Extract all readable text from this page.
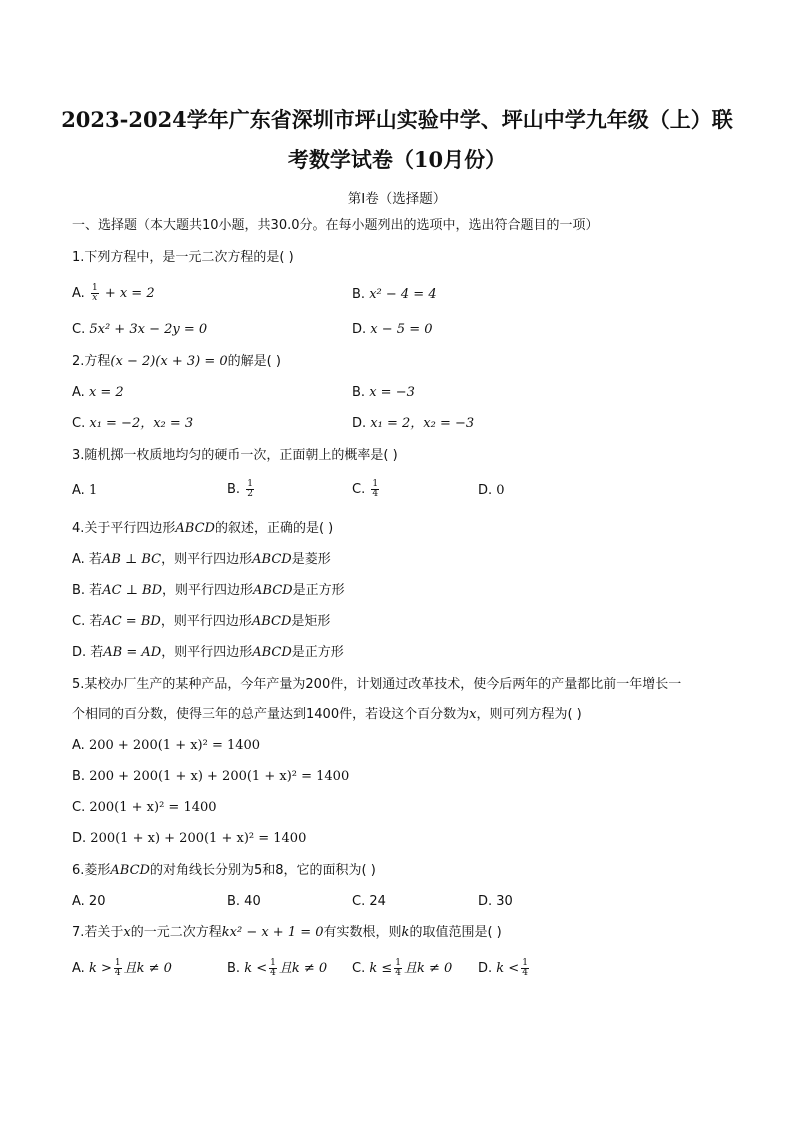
2023-2024学年广东省深圳市坪山实验中学、坪山中学九年级（上）联
考数学试卷（10月份）
第I卷（选择题）
一、选择题（本大题共10小题，共30.0分。在每小题列出的选项中，选出符合题目的一项）
1.下列方程中，是一元二次方程的是( )
A. $\frac{1}{x} + x = 2$	B. x² − 4 = 4
C. 5x² + 3x − 2y = 0	D. x − 5 = 0
2.方程(x − 2)(x + 3) = 0的解是( )
A. x = 2	B. x = −3
C. x₁ = −2，x₂ = 3	D. x₁ = 2，x₂ = −3
3.随机掷一枚质地均匀的硬币一次，正面朝上的概率是( )
A. 1	B. $\frac{1}{2}$	C. $\frac{1}{4}$	D. 0
4.关于平行四边形ABCD的叙述，正确的是( )
A. 若AB ⊥ BC，则平行四边形ABCD是菱形
B. 若AC ⊥ BD，则平行四边形ABCD是正方形
C. 若AC = BD，则平行四边形ABCD是矩形
D. 若AB = AD，则平行四边形ABCD是正方形
5.某校办厂生产的某种产品，今年产量为200件，计划通过改革技术，使今后两年的产量都比前一年增长一
个相同的百分数，使得三年的总产量达到1400件，若设这个百分数为x，则可列方程为( )
A. 200 + 200(1 + x)² = 1400
B. 200 + 200(1 + x) + 200(1 + x)² = 1400
C. 200(1 + x)² = 1400
D. 200(1 + x) + 200(1 + x)² = 1400
6.菱形ABCD的对角线长分别为5和8，它的面积为( )
A. 20	B. 40	C. 24	D. 30
7.若关于x的一元二次方程kx² − x + 1 = 0有实数根，则k的取值范围是( )
A. $k > \frac{1}{4}$ 且k ≠ 0	B. $k < \frac{1}{4}$ 且k ≠ 0 C. $k \le \frac{1}{4}$ 且k ≠ 0 D. $k < \frac{1}{4}$
